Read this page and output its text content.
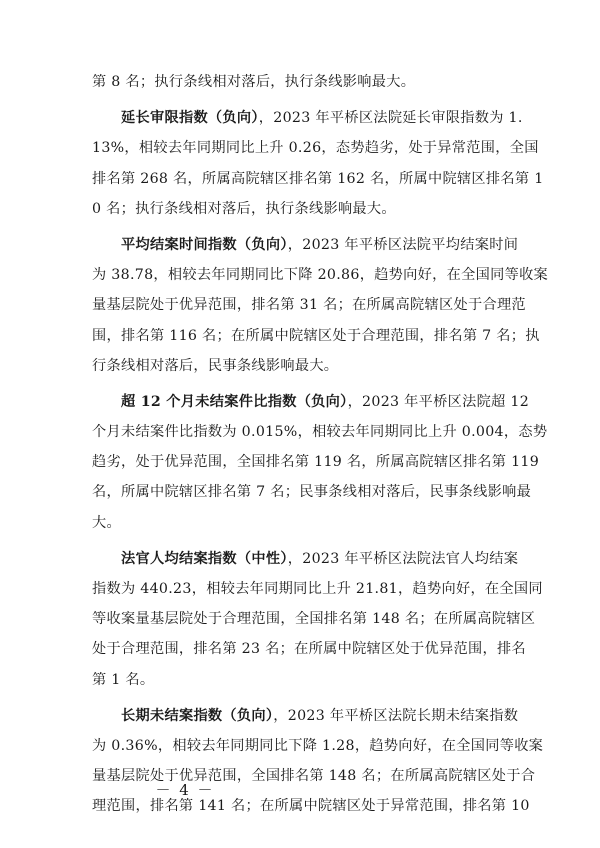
第 8 名；执行条线相对落后，执行条线影响最大。
延长审限指数（负向），2023 年平桥区法院延长审限指数为 1.
13%，相较去年同期同比上升 0.26，态势趋劣，处于异常范围，全国
排名第 268 名，所属高院辖区排名第 162 名，所属中院辖区排名第 1
0 名；执行条线相对落后，执行条线影响最大。
平均结案时间指数（负向），2023 年平桥区法院平均结案时间
为 38.78，相较去年同期同比下降 20.86，趋势向好，在全国同等收案
量基层院处于优异范围，排名第 31 名；在所属高院辖区处于合理范
围，排名第 116 名；在所属中院辖区处于合理范围，排名第 7 名；执
行条线相对落后，民事条线影响最大。
超 12 个月未结案件比指数（负向），2023 年平桥区法院超 12
个月未结案件比指数为 0.015%，相较去年同期同比上升 0.004，态势
趋劣，处于优异范围，全国排名第 119 名，所属高院辖区排名第 119
名，所属中院辖区排名第 7 名；民事条线相对落后，民事条线影响最
大。
法官人均结案指数（中性），2023 年平桥区法院法官人均结案
指数为 440.23，相较去年同期同比上升 21.81，趋势向好，在全国同
等收案量基层院处于合理范围，全国排名第 148 名；在所属高院辖区
处于合理范围，排名第 23 名；在所属中院辖区处于优异范围，排名
第 1 名。
长期未结案指数（负向），2023 年平桥区法院长期未结案指数
为 0.36%，相较去年同期同比下降 1.28，趋势向好，在全国同等收案
量基层院处于优异范围，全国排名第 148 名；在所属高院辖区处于合
理范围，排名第 141 名；在所属中院辖区处于异常范围，排名第 10
－ 4 －
